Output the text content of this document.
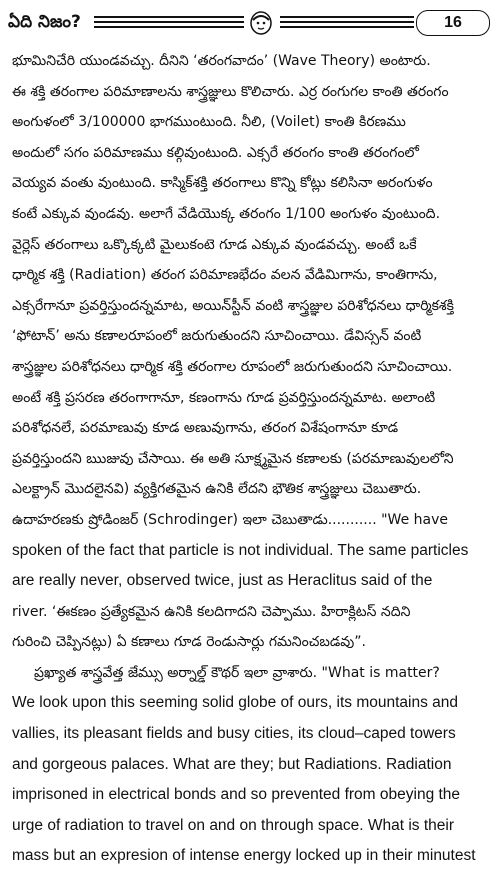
ఏది నిజం?	16
భూమినిచేరి యుండవచ్చు. దీనిని ‘తరంగవాదం’ (Wave Theory) అంటారు.
ఈ శక్తి తరంగాల పరిమాణాలను శాస్త్రజ్ఞులు కొలిచారు. ఎర్ర రంగుగల కాంతి తరంగం
అంగుళంలో 3/100000 భాగముంటుంది. నీలి, (Voilet) కాంతి కిరణము
అందులో సగం పరిమాణము కల్గివుంటుంది. ఎక్సరే తరంగం కాంతి తరంగంలో
వెయ్యవ వంతు వుంటుంది. కాస్మిక్‌శక్తి తరంగాలు కొన్ని కోట్లు కలిసినా అరంగుళం
కంటే ఎక్కువ వుండవు. అలాగే వేడియొక్క తరంగం 1/100 అంగుళం వుంటుంది.
వైర్లెస్ తరంగాలు ఒక్కొక్కటి మైలుకంటె గూడ ఎక్కువ వుండవచ్చు. అంటే ఒకే
ధార్మిక శక్తి (Radiation) తరంగ పరిమాణభేదం వలన వేడిమిగాను, కాంతిగాను,
ఎక్సరేగానూ ప్రవర్తిస్తుందన్నమాట, అయిన్‌స్టీన్ వంటి శాస్త్రజ్ఞుల పరిశోధనలు ధార్మికశక్తి
‘ఫోటాన్’ అను కణాలరూపంలో జరుగుతుందని సూచించాయి. డేవిస్సన్ వంటి
శాస్త్రజ్ఞుల పరిశోధనలు ధార్మిక శక్తి తరంగాల రూపంలో జరుగుతుందని సూచించాయి.
అంటే శక్తి ప్రసరణ తరంగాగానూ, కణంగాను గూడ ప్రవర్తిస్తుందన్నమాట. అలాంటి
పరిశోధనలే, పరమాణువు కూడ అణువుగాను, తరంగ విశేషంగానూ కూడ
ప్రవర్తిస్తుందని ఋజువు చేసాయి. ఈ అతి సూక్ష్మమైన కణాలకు (పరమాణువులలోని
ఎలక్ట్రాన్ మొదలైనవి) వ్యక్తిగతమైన ఉనికి లేదని భౌతిక శాస్త్రజ్ఞులు చెబుతారు.
ఉదాహరణకు ష్రోడింజర్ (Schrodinger) ఇలా చెబుతాడు........... "We have
spoken of the fact that particle is not individual. The same particles
are really never, observed twice, just as Heraclitus said of the
river. ‘ఈకణం ప్రత్యేకమైన ఉనికి కలదిగాదని చెప్పాము. హిరాక్లిటస్ నదిని
గురించి చెప్పినట్లు) ఏ కణాలు గూడ రెండుసార్లు గమనించబడవు”.
ప్రఖ్యాత శాస్త్రవేత్త జేమ్సు అర్నాల్డ్ కౌథర్ ఇలా వ్రాశారు. "What is matter?
We look upon this seeming solid globe of ours, its mountains and
vallies, its pleasant fields and busy cities, its cloud–caped towers
and gorgeous palaces. What are they; but Radiations. Radiation
imprisoned in electrical bonds and so prevented from obeying the
urge of radiation to travel on and on through space. What is their
mass but an expresion of intense energy locked up in their minutest
